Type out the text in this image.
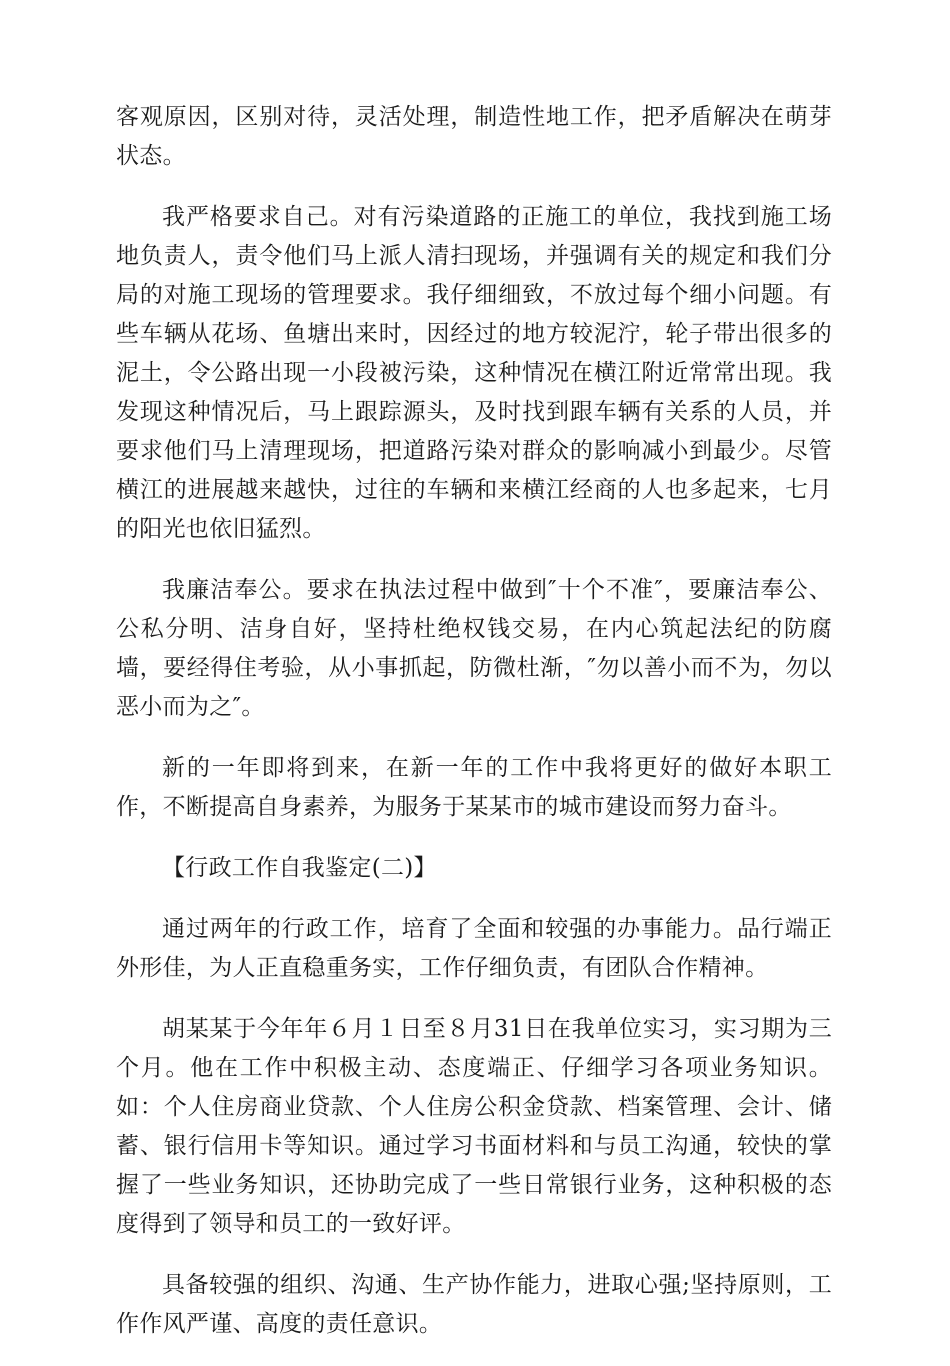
客观原因，区别对待，灵活处理，制造性地工作，把矛盾解决在萌芽状态。

我严格要求自己。对有污染道路的正施工的单位，我找到施工场地负责人，责令他们马上派人清扫现场，并强调有关的规定和我们分局的对施工现场的管理要求。我仔细细致，不放过每个细小问题。有些车辆从花场、鱼塘出来时，因经过的地方较泥泞，轮子带出很多的泥土，令公路出现一小段被污染，这种情况在横江附近常常出现。我发现这种情况后，马上跟踪源头，及时找到跟车辆有关系的人员，并要求他们马上清理现场，把道路污染对群众的影响减小到最少。尽管横江的进展越来越快，过往的车辆和来横江经商的人也多起来，七月的阳光也依旧猛烈。

我廉洁奉公。要求在执法过程中做到″十个不准″，要廉洁奉公、公私分明、洁身自好，坚持杜绝权钱交易，在内心筑起法纪的防腐墙，要经得住考验，从小事抓起，防微杜渐，″勿以善小而不为，勿以恶小而为之″。

新的一年即将到来，在新一年的工作中我将更好的做好本职工作，不断提高自身素养，为服务于某某市的城市建设而努力奋斗。

【行政工作自我鉴定(二)】

通过两年的行政工作，培育了全面和较强的办事能力。品行端正外形佳，为人正直稳重务实，工作仔细负责，有团队合作精神。

胡某某于今年年６月１日至８月31日在我单位实习，实习期为三个月。他在工作中积极主动、态度端正、仔细学习各项业务知识。如：个人住房商业贷款、个人住房公积金贷款、档案管理、会计、储蓄、银行信用卡等知识。通过学习书面材料和与员工沟通，较快的掌握了一些业务知识，还协助完成了一些日常银行业务，这种积极的态度得到了领导和员工的一致好评。

具备较强的组织、沟通、生产协作能力，进取心强;坚持原则，工作作风严谨、高度的责任意识。
